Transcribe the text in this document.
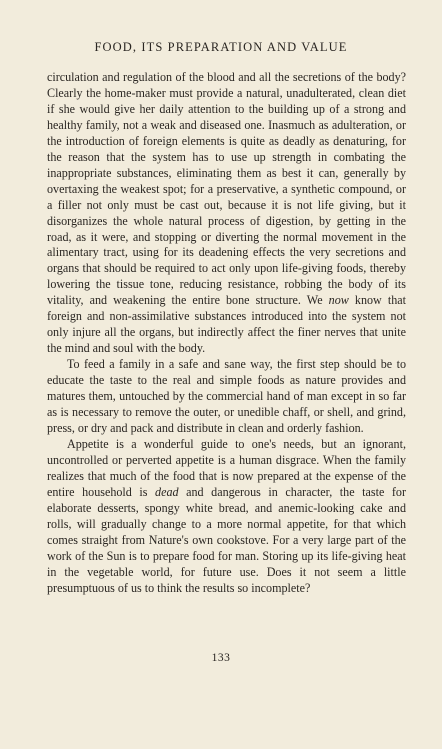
FOOD, ITS PREPARATION AND VALUE

circulation and regulation of the blood and all the secretions of the body? Clearly the home-maker must provide a natural, unadulterated, clean diet if she would give her daily attention to the building up of a strong and healthy family, not a weak and diseased one. Inasmuch as adulteration, or the introduction of foreign elements is quite as deadly as denaturing, for the reason that the system has to use up strength in combating the inappropriate substances, eliminating them as best it can, generally by overtaxing the weakest spot; for a preservative, a synthetic compound, or a filler not only must be cast out, because it is not life giving, but it disorganizes the whole natural process of digestion, by getting in the road, as it were, and stopping or diverting the normal movement in the alimentary tract, using for its deadening effects the very secretions and organs that should be required to act only upon life-giving foods, thereby lowering the tissue tone, reducing resistance, robbing the body of its vitality, and weakening the entire bone structure. We now know that foreign and non-assimilative substances introduced into the system not only injure all the organs, but indirectly affect the finer nerves that unite the mind and soul with the body.

To feed a family in a safe and sane way, the first step should be to educate the taste to the real and simple foods as nature provides and matures them, untouched by the commercial hand of man except in so far as is necessary to remove the outer, or unedible chaff, or shell, and grind, press, or dry and pack and distribute in clean and orderly fashion.

Appetite is a wonderful guide to one's needs, but an ignorant, uncontrolled or perverted appetite is a human disgrace. When the family realizes that much of the food that is now prepared at the expense of the entire household is dead and dangerous in character, the taste for elaborate desserts, spongy white bread, and anemic-looking cake and rolls, will gradually change to a more normal appetite, for that which comes straight from Nature's own cookstove. For a very large part of the work of the Sun is to prepare food for man. Storing up its life-giving heat in the vegetable world, for future use. Does it not seem a little presumptuous of us to think the results so incomplete?

133
